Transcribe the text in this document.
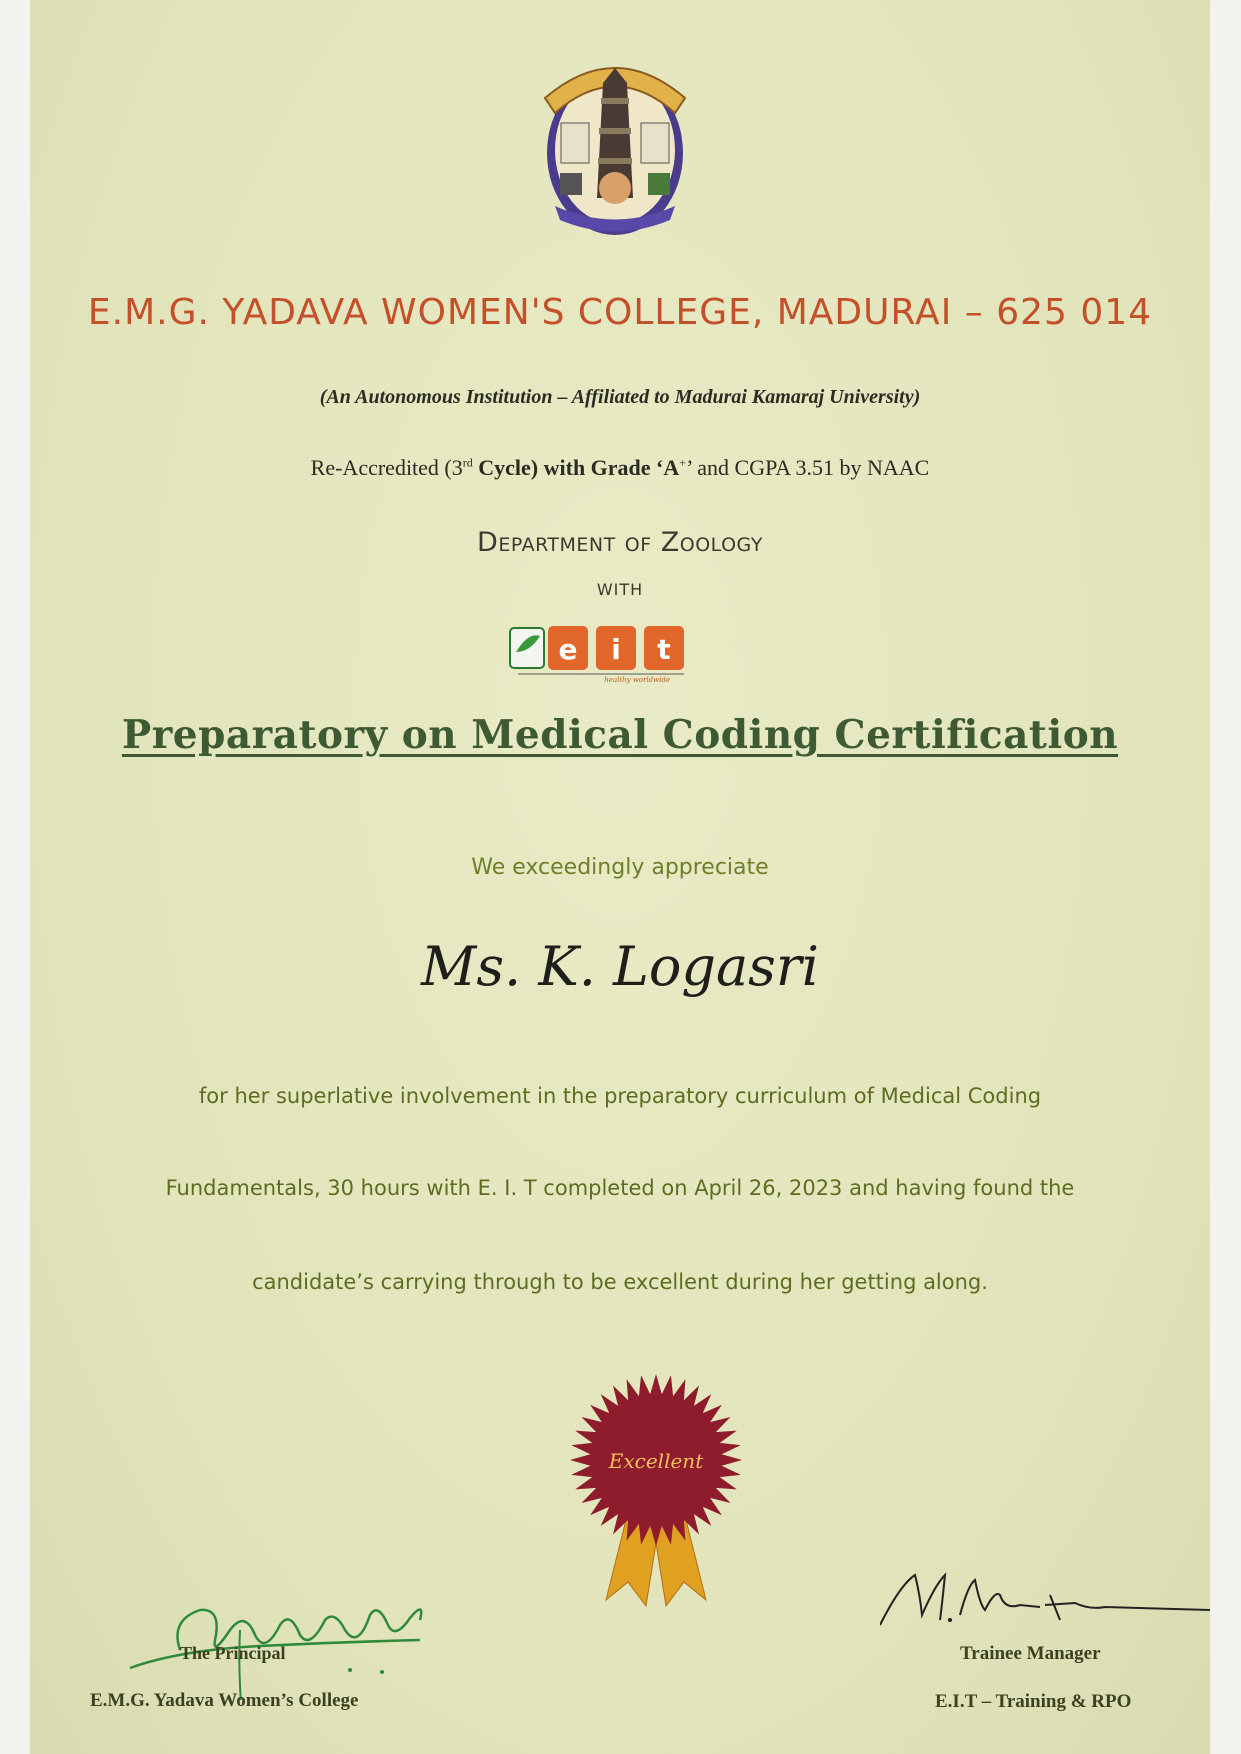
E.M.G. YADAVA WOMEN'S COLLEGE, MADURAI – 625 014
(An Autonomous Institution – Affiliated to Madurai Kamaraj University)
Re-Accredited (3rd Cycle) with Grade ‘A+’ and CGPA 3.51 by NAAC
Department of Zoology
WITH
e i t
healthy worldwide
Preparatory on Medical Coding Certification
We exceedingly appreciate
Ms. K. Logasri
for her superlative involvement in the preparatory curriculum of Medical Coding
Fundamentals, 30 hours with E. I. T completed on April 26, 2023 and having found the
candidate’s carrying through to be excellent during her getting along.
Excellent
The Principal
E.M.G. Yadava Women’s College
Trainee Manager
E.I.T – Training & RPO
